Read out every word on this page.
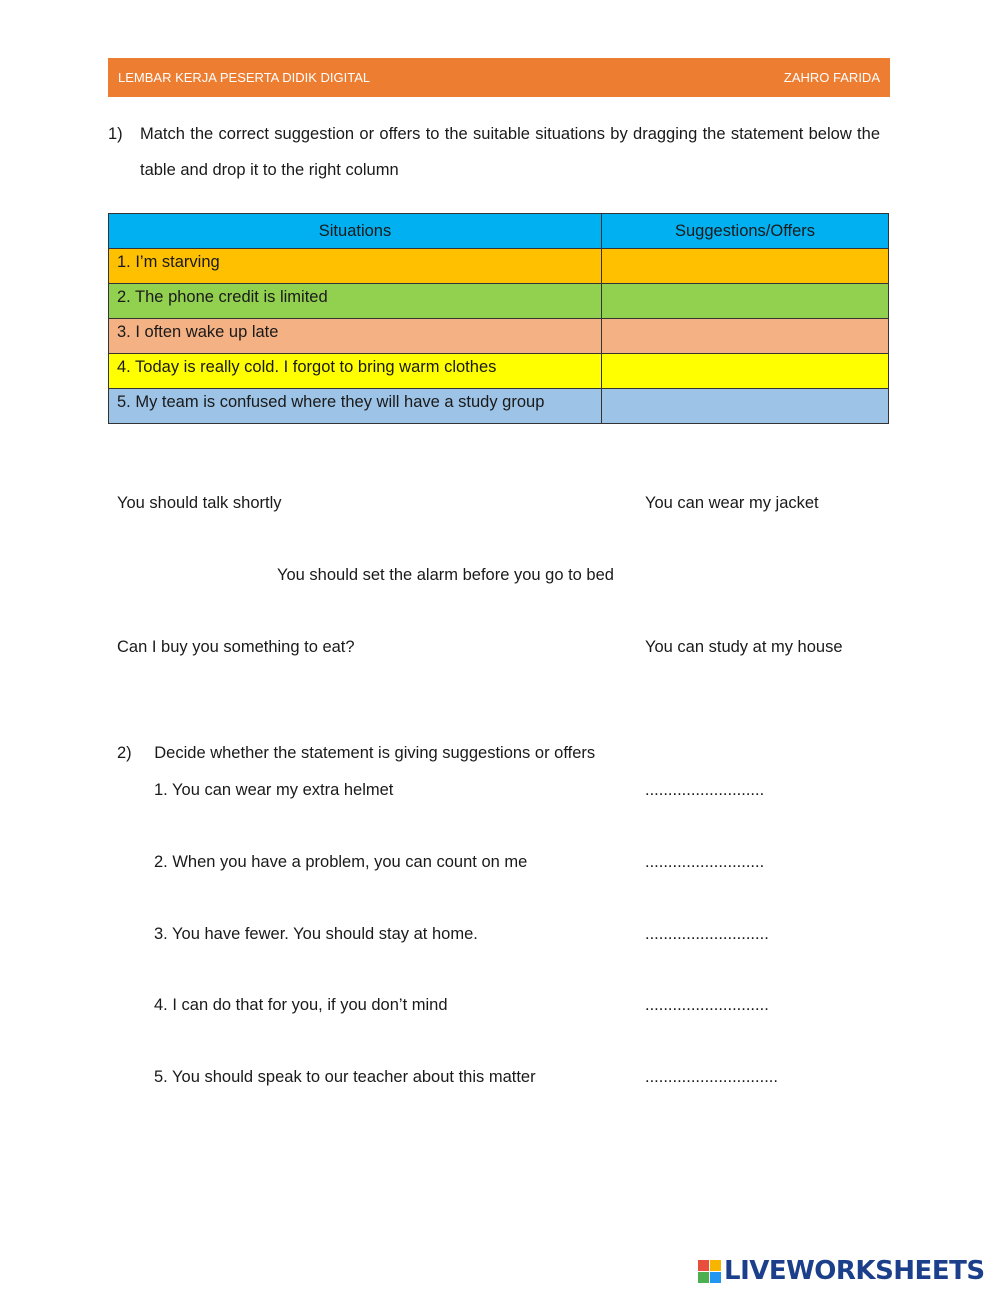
LEMBAR KERJA PESERTA DIDIK DIGITAL	ZAHRO FARIDA
1) Match the correct suggestion or offers to the suitable situations by dragging the statement below the table and drop it to the right column
Situations	Suggestions/Offers
1. I’m starving	
2. The phone credit is limited	
3. I often wake up late	
4. Today is really cold. I forgot to bring warm clothes	
5. My team is confused where they will have a study group	
You should talk shortly	You can wear my jacket
You should set the alarm before you go to bed
Can I buy you something to eat?	You can study at my house
2) Decide whether the statement is giving suggestions or offers
1. You can wear my extra helmet	..........................
2. When you have a problem, you can count on me	..........................
3. You have fewer. You should stay at home.	...........................
4. I can do that for you, if you don’t mind	...........................
5. You should speak to our teacher about this matter	.............................
LIVEWORKSHEETS
